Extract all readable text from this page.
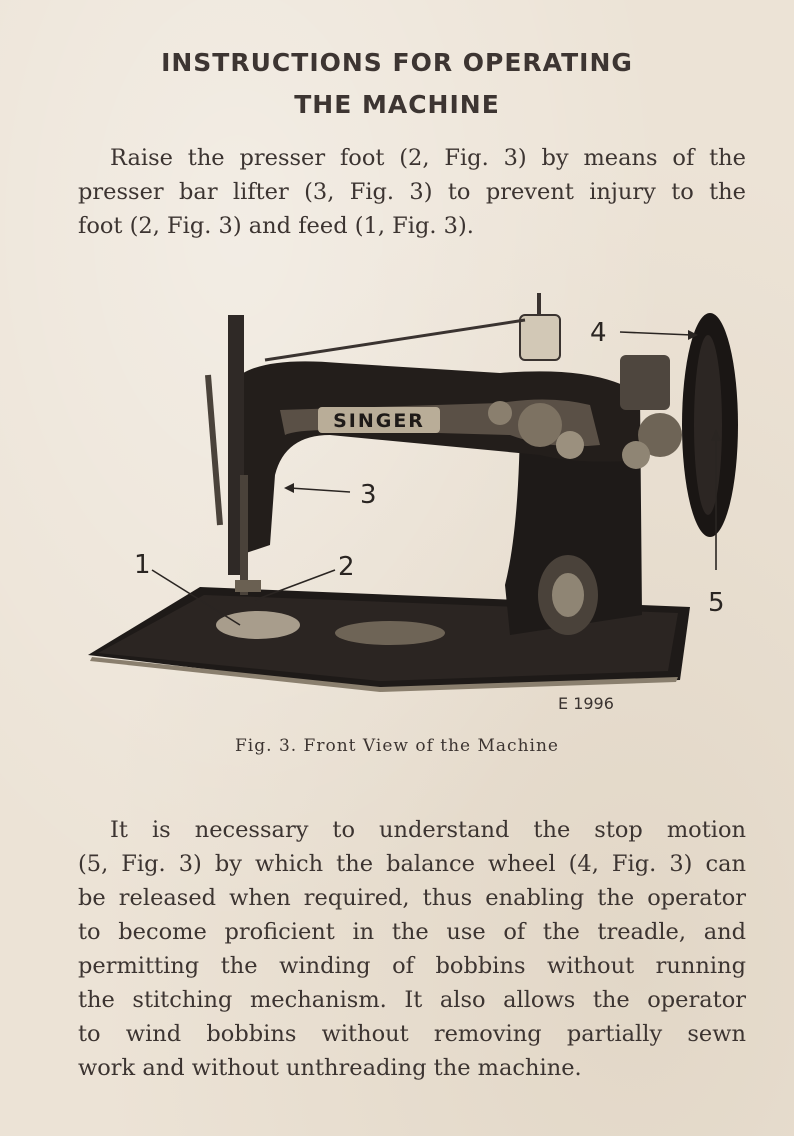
INSTRUCTIONS FOR OPERATING
THE MACHINE
Raise the presser foot (2, Fig. 3) by means of the
presser bar lifter (3, Fig. 3) to prevent injury to the
foot (2, Fig. 3) and feed (1, Fig. 3).
SINGER
1	2
3
4
5
E 1996
Fig. 3. Front View of the Machine
It is necessary to understand the stop motion
(5, Fig. 3) by which the balance wheel (4, Fig. 3) can
be released when required, thus enabling the operator
to become proficient in the use of the treadle, and
permitting the winding of bobbins without running
the stitching mechanism. It also allows the operator
to wind bobbins without removing partially sewn
work and without unthreading the machine.
